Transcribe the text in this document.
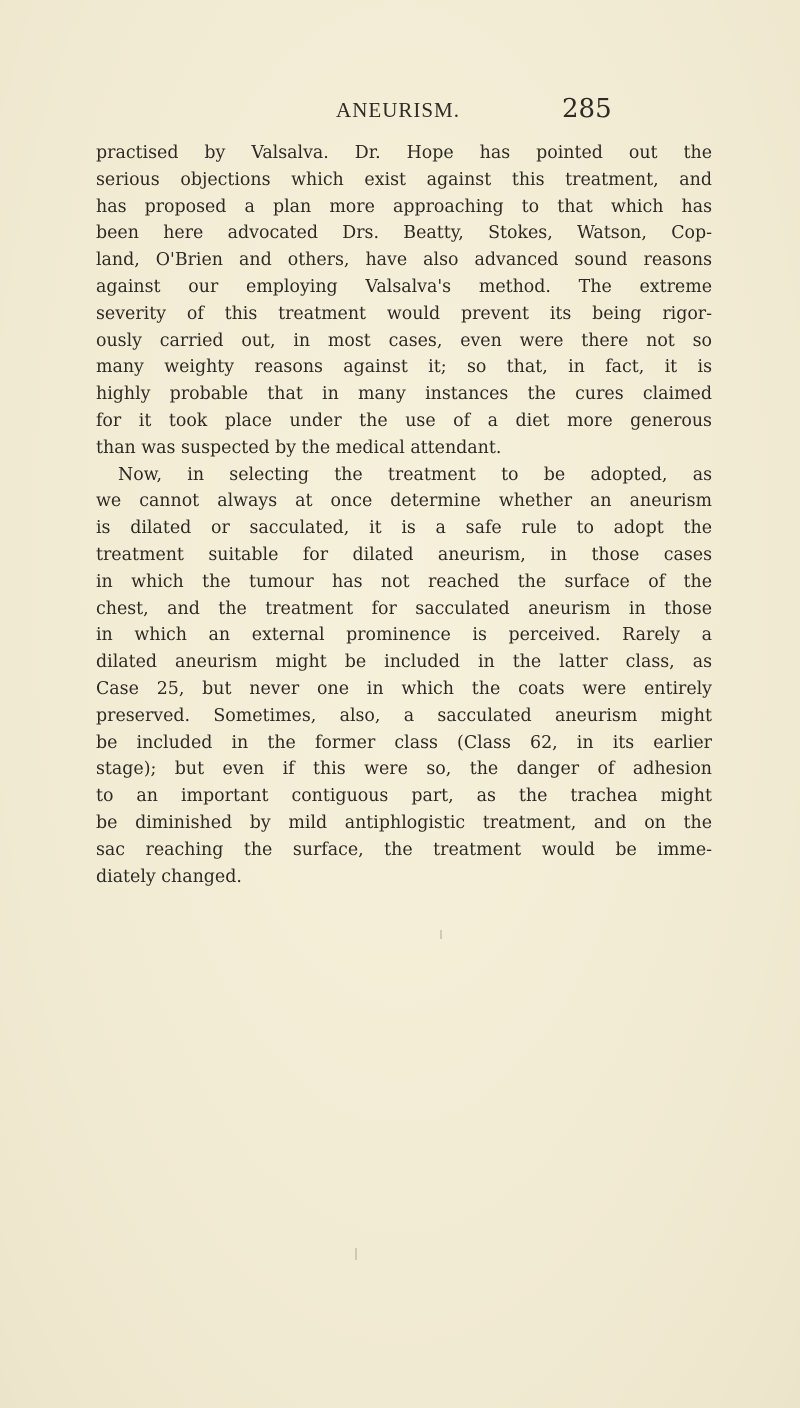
ANEURISM.	285
practised by Valsalva. Dr. Hope has pointed out the
serious objections which exist against this treatment, and
has proposed a plan more approaching to that which has
been here advocated Drs. Beatty, Stokes, Watson, Cop-
land, O'Brien and others, have also advanced sound reasons
against our employing Valsalva's method. The extreme
severity of this treatment would prevent its being rigor-
ously carried out, in most cases, even were there not so
many weighty reasons against it; so that, in fact, it is
highly probable that in many instances the cures claimed
for it took place under the use of a diet more generous
than was suspected by the medical attendant.
Now, in selecting the treatment to be adopted, as
we cannot always at once determine whether an aneurism
is dilated or sacculated, it is a safe rule to adopt the
treatment suitable for dilated aneurism, in those cases
in which the tumour has not reached the surface of the
chest, and the treatment for sacculated aneurism in those
in which an external prominence is perceived. Rarely a
dilated aneurism might be included in the latter class, as
Case 25, but never one in which the coats were entirely
preserved. Sometimes, also, a sacculated aneurism might
be included in the former class (Class 62, in its earlier
stage); but even if this were so, the danger of adhesion
to an important contiguous part, as the trachea might
be diminished by mild antiphlogistic treatment, and on the
sac reaching the surface, the treatment would be imme-
diately changed.
